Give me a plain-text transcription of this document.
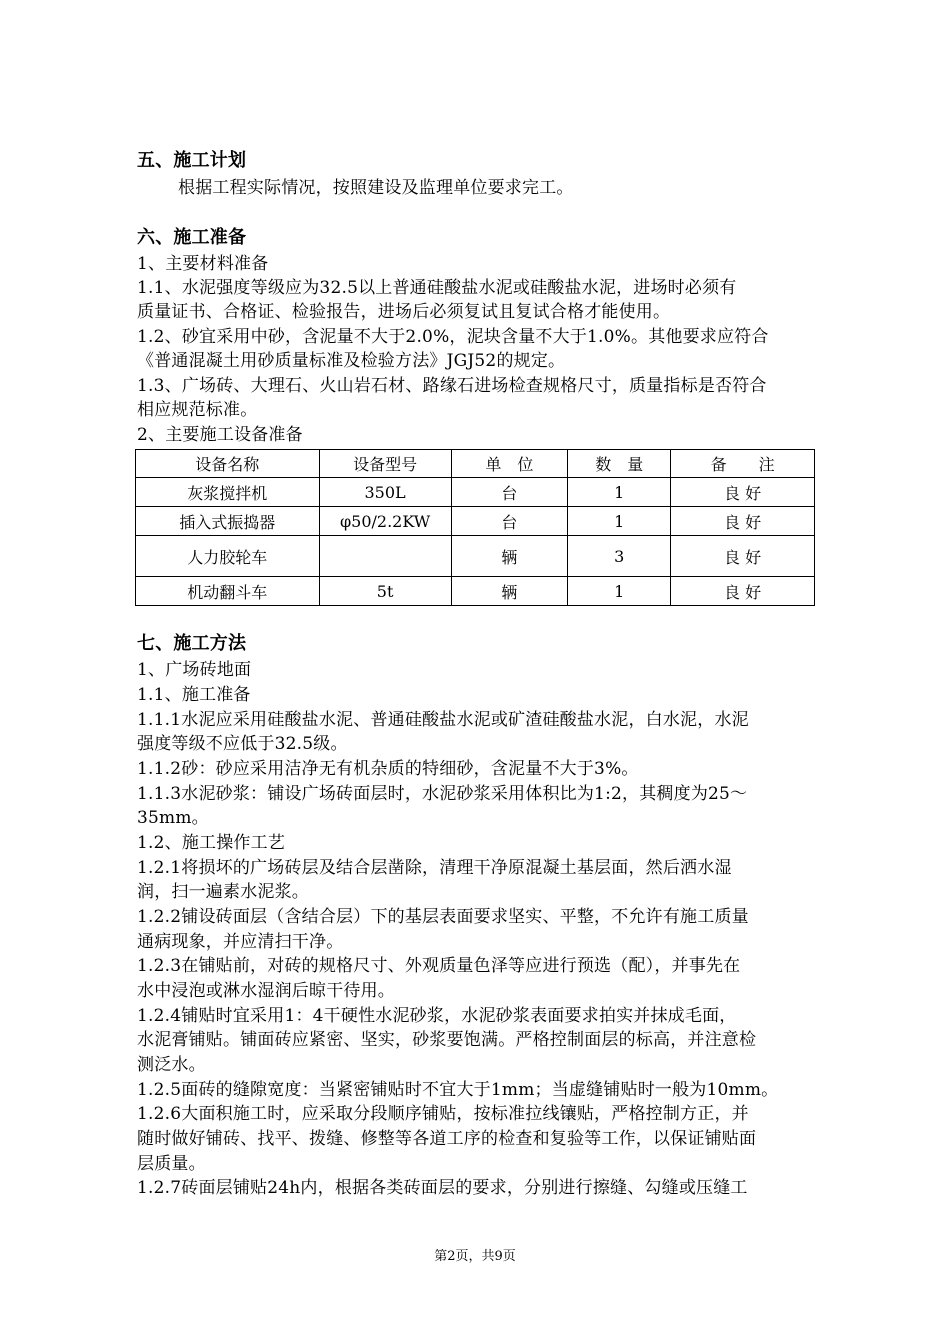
五、施工计划
根据工程实际情况，按照建设及监理单位要求完工。
六、施工准备
1、主要材料准备
1.1、水泥强度等级应为32.5以上普通硅酸盐水泥或硅酸盐水泥，进场时必须有
质量证书、合格证、检验报告，进场后必须复试且复试合格才能使用。
1.2、砂宜采用中砂，含泥量不大于2.0%，泥块含量不大于1.0%。其他要求应符合
《普通混凝土用砂质量标准及检验方法》JGJ52的规定。
1.3、广场砖、大理石、火山岩石材、路缘石进场检查规格尺寸，质量指标是否符合
相应规范标准。
2、主要施工设备准备
设备名称	设备型号	单　位	数　量	备　　注
灰浆搅拌机	350L	台	1	良 好
插入式振捣器	φ50/2.2KW	台	1	良 好
人力胶轮车		辆	3	良 好
机动翻斗车	5t	辆	1	良 好
七、施工方法
1、广场砖地面
1.1、施工准备
1.1.1水泥应采用硅酸盐水泥、普通硅酸盐水泥或矿渣硅酸盐水泥，白水泥，水泥
强度等级不应低于32.5级。
1.1.2砂：砂应采用洁净无有机杂质的特细砂，含泥量不大于3%。
1.1.3水泥砂浆：铺设广场砖面层时，水泥砂浆采用体积比为1:2，其稠度为25～
35mm。
1.2、施工操作工艺
1.2.1将损坏的广场砖层及结合层凿除，清理干净原混凝土基层面，然后洒水湿
润，扫一遍素水泥浆。
1.2.2铺设砖面层（含结合层）下的基层表面要求坚实、平整，不允许有施工质量
通病现象，并应清扫干净。
1.2.3在铺贴前，对砖的规格尺寸、外观质量色泽等应进行预选（配），并事先在
水中浸泡或淋水湿润后晾干待用。
1.2.4铺贴时宜采用1：4干硬性水泥砂浆，水泥砂浆表面要求拍实并抹成毛面，
水泥膏铺贴。铺面砖应紧密、坚实，砂浆要饱满。严格控制面层的标高，并注意检
测泛水。
1.2.5面砖的缝隙宽度：当紧密铺贴时不宜大于1mm；当虚缝铺贴时一般为10mm。
1.2.6大面积施工时，应采取分段顺序铺贴，按标准拉线镶贴，严格控制方正，并
随时做好铺砖、找平、拨缝、修整等各道工序的检查和复验等工作，以保证铺贴面
层质量。
1.2.7砖面层铺贴24h内，根据各类砖面层的要求，分别进行擦缝、勾缝或压缝工
第2页，共9页
